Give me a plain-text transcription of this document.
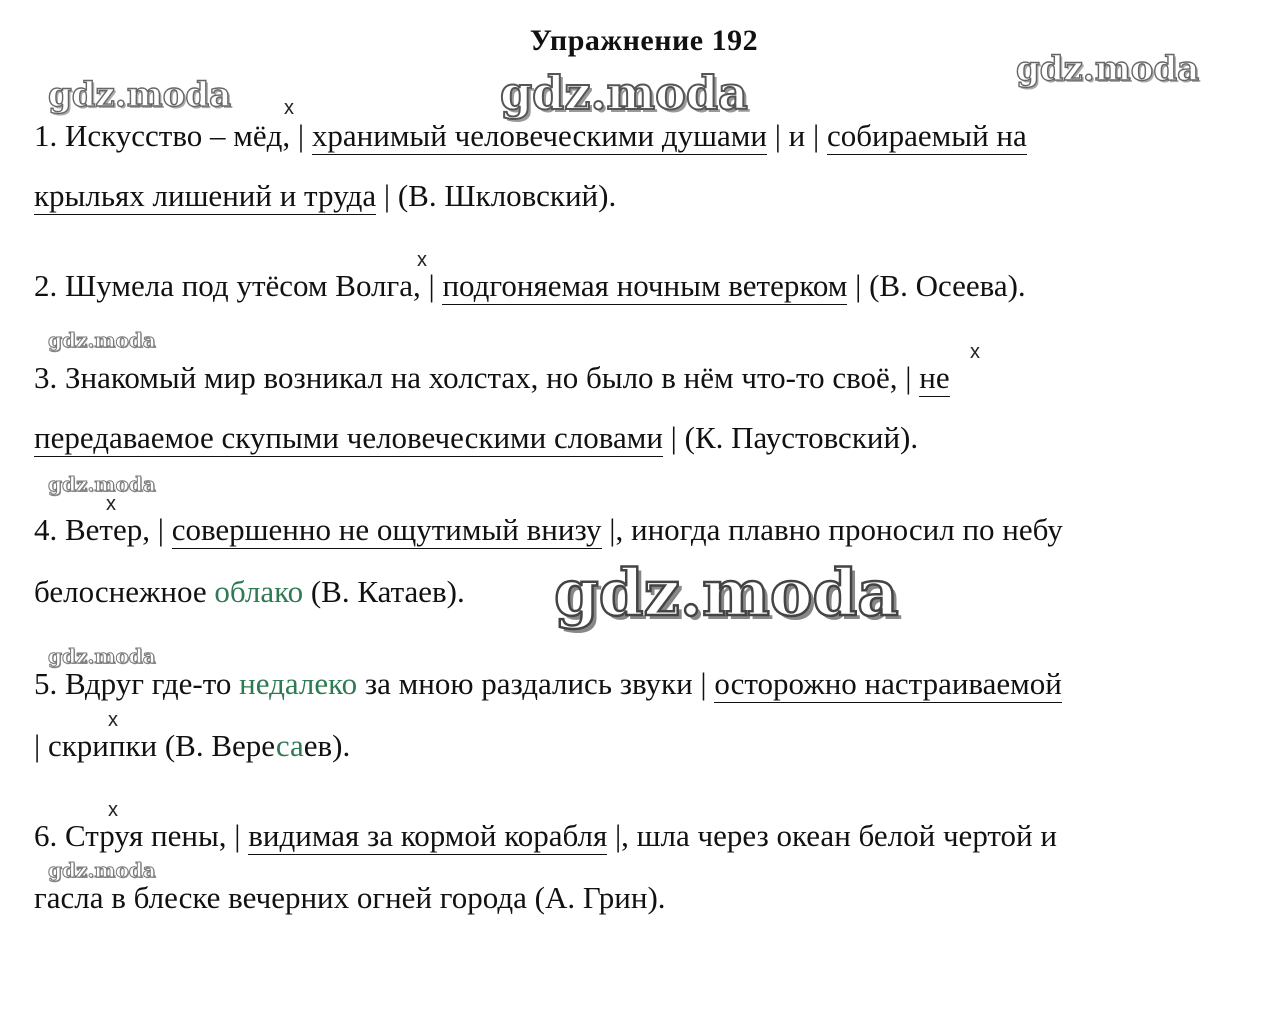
Упражнение 192
gdz.moda	gdz.moda	gdz.moda
gdz.moda
gdz.moda
gdz.moda
gdz.moda
gdz.moda
x
x
x
x
x
x
1. Искусство – мёд, | хранимый человеческими душами | и | собираемый на
крыльях лишений и труда | (В. Шкловский).
2. Шумела под утёсом Волга, | подгоняемая ночным ветерком | (В. Осеева).
3. Знакомый мир возникал на холстах, но было в нём что-то своё, | не
передаваемое скупыми человеческими словами | (К. Паустовский).
4. Ветер, | совершенно не ощутимый внизу |, иногда плавно проносил по небу
белоснежное облако (В. Катаев).
5. Вдруг где-то недалеко за мною раздались звуки | осторожно настраиваемой
| скрипки (В. Вересаев).
6. Струя пены, | видимая за кормой корабля |, шла через океан белой чертой и
гасла в блеске вечерних огней города (А. Грин).
